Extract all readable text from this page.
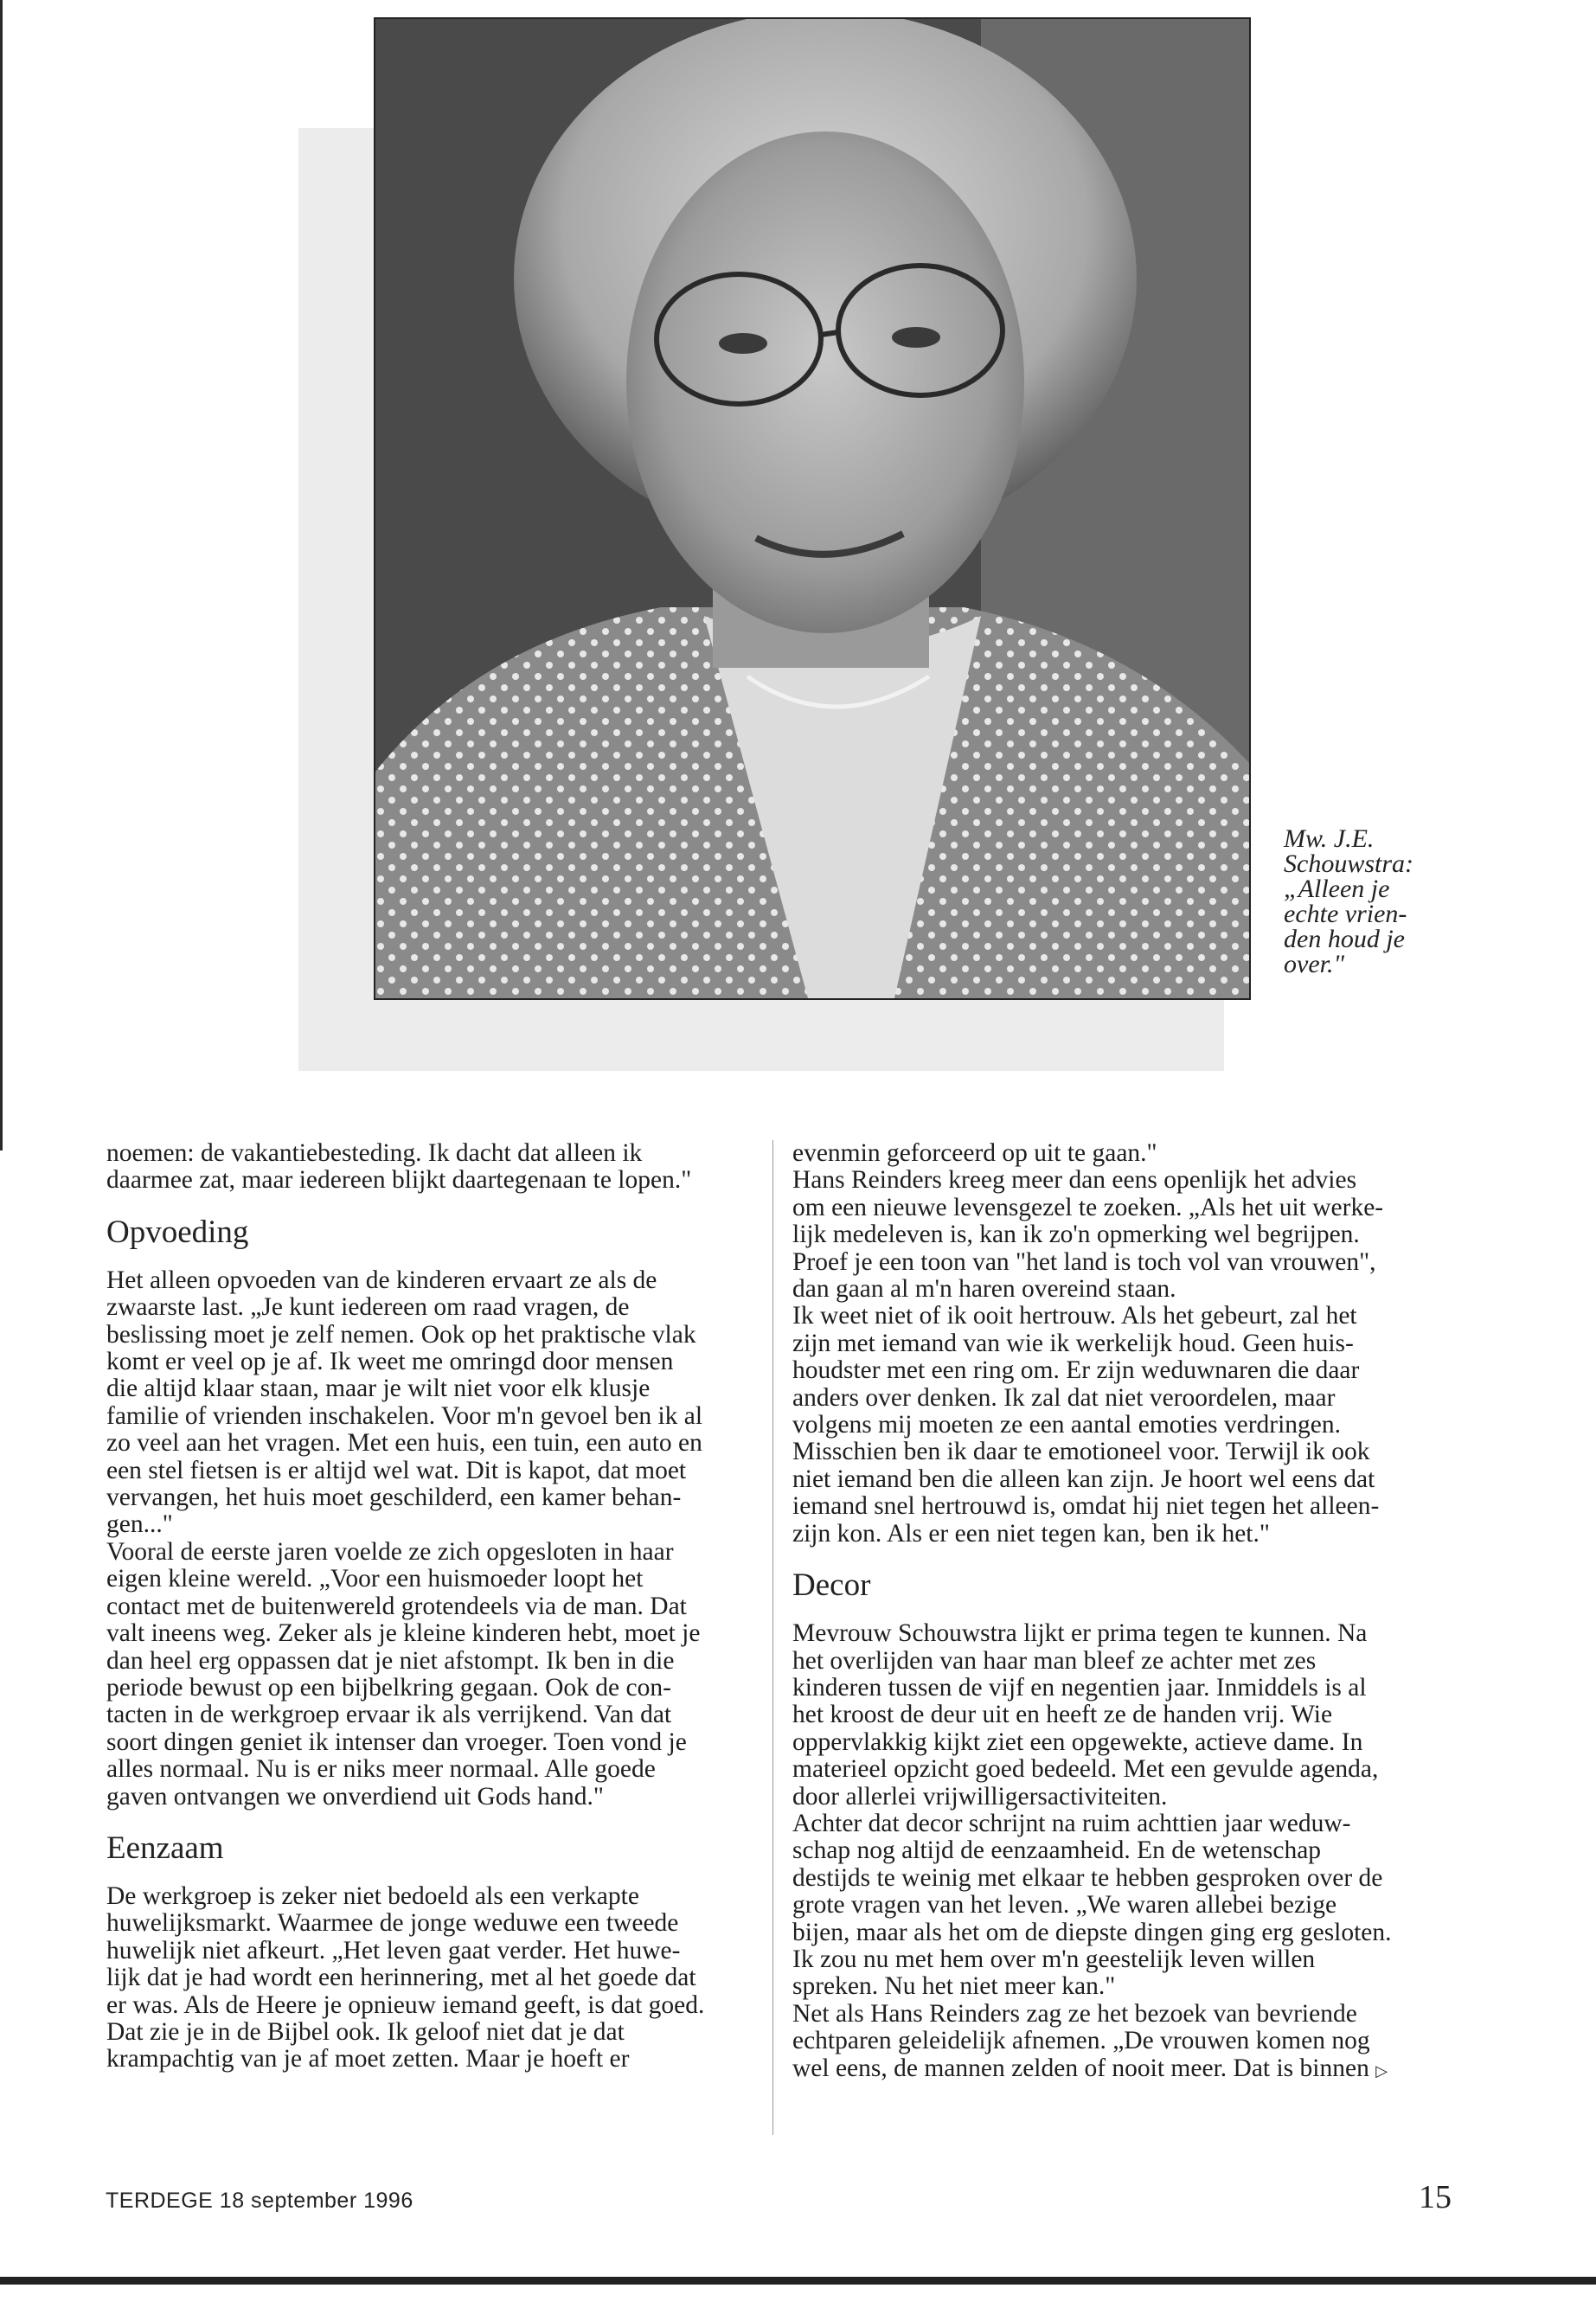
Mw. J.E.
Schouwstra:
„Alleen je
echte vrien-
den houd je
over."

noemen: de vakantiebesteding. Ik dacht dat alleen ik
daarmee zat, maar iedereen blijkt daartegenaan te lopen."

Opvoeding

Het alleen opvoeden van de kinderen ervaart ze als de
zwaarste last. „Je kunt iedereen om raad vragen, de
beslissing moet je zelf nemen. Ook op het praktische vlak
komt er veel op je af. Ik weet me omringd door mensen
die altijd klaar staan, maar je wilt niet voor elk klusje
familie of vrienden inschakelen. Voor m'n gevoel ben ik al
zo veel aan het vragen. Met een huis, een tuin, een auto en
een stel fietsen is er altijd wel wat. Dit is kapot, dat moet
vervangen, het huis moet geschilderd, een kamer behan-
gen..."

Vooral de eerste jaren voelde ze zich opgesloten in haar
eigen kleine wereld. „Voor een huismoeder loopt het
contact met de buitenwereld grotendeels via de man. Dat
valt ineens weg. Zeker als je kleine kinderen hebt, moet je
dan heel erg oppassen dat je niet afstompt. Ik ben in die
periode bewust op een bijbelkring gegaan. Ook de con-
tacten in de werkgroep ervaar ik als verrijkend. Van dat
soort dingen geniet ik intenser dan vroeger. Toen vond je
alles normaal. Nu is er niks meer normaal. Alle goede
gaven ontvangen we onverdiend uit Gods hand."

Eenzaam

De werkgroep is zeker niet bedoeld als een verkapte
huwelijksmarkt. Waarmee de jonge weduwe een tweede
huwelijk niet afkeurt. „Het leven gaat verder. Het huwe-
lijk dat je had wordt een herinnering, met al het goede dat
er was. Als de Heere je opnieuw iemand geeft, is dat goed.
Dat zie je in de Bijbel ook. Ik geloof niet dat je dat
krampachtig van je af moet zetten. Maar je hoeft er

evenmin geforceerd op uit te gaan."

Hans Reinders kreeg meer dan eens openlijk het advies
om een nieuwe levensgezel te zoeken. „Als het uit werke-
lijk medeleven is, kan ik zo'n opmerking wel begrijpen.
Proef je een toon van "het land is toch vol van vrouwen",
dan gaan al m'n haren overeind staan.

Ik weet niet of ik ooit hertrouw. Als het gebeurt, zal het
zijn met iemand van wie ik werkelijk houd. Geen huis-
houdster met een ring om. Er zijn weduwnaren die daar
anders over denken. Ik zal dat niet veroordelen, maar
volgens mij moeten ze een aantal emoties verdringen.
Misschien ben ik daar te emotioneel voor. Terwijl ik ook
niet iemand ben die alleen kan zijn. Je hoort wel eens dat
iemand snel hertrouwd is, omdat hij niet tegen het alleen-
zijn kon. Als er een niet tegen kan, ben ik het."

Decor

Mevrouw Schouwstra lijkt er prima tegen te kunnen. Na
het overlijden van haar man bleef ze achter met zes
kinderen tussen de vijf en negentien jaar. Inmiddels is al
het kroost de deur uit en heeft ze de handen vrij. Wie
oppervlakkig kijkt ziet een opgewekte, actieve dame. In
materieel opzicht goed bedeeld. Met een gevulde agenda,
door allerlei vrijwilligersactiviteiten.

Achter dat decor schrijnt na ruim achttien jaar weduw-
schap nog altijd de eenzaamheid. En de wetenschap
destijds te weinig met elkaar te hebben gesproken over de
grote vragen van het leven. „We waren allebei bezige
bijen, maar als het om de diepste dingen ging erg gesloten.
Ik zou nu met hem over m'n geestelijk leven willen
spreken. Nu het niet meer kan."

Net als Hans Reinders zag ze het bezoek van bevriende
echtparen geleidelijk afnemen. „De vrouwen komen nog
wel eens, de mannen zelden of nooit meer. Dat is binnen ▷

TERDEGE 18 september 1996	15
